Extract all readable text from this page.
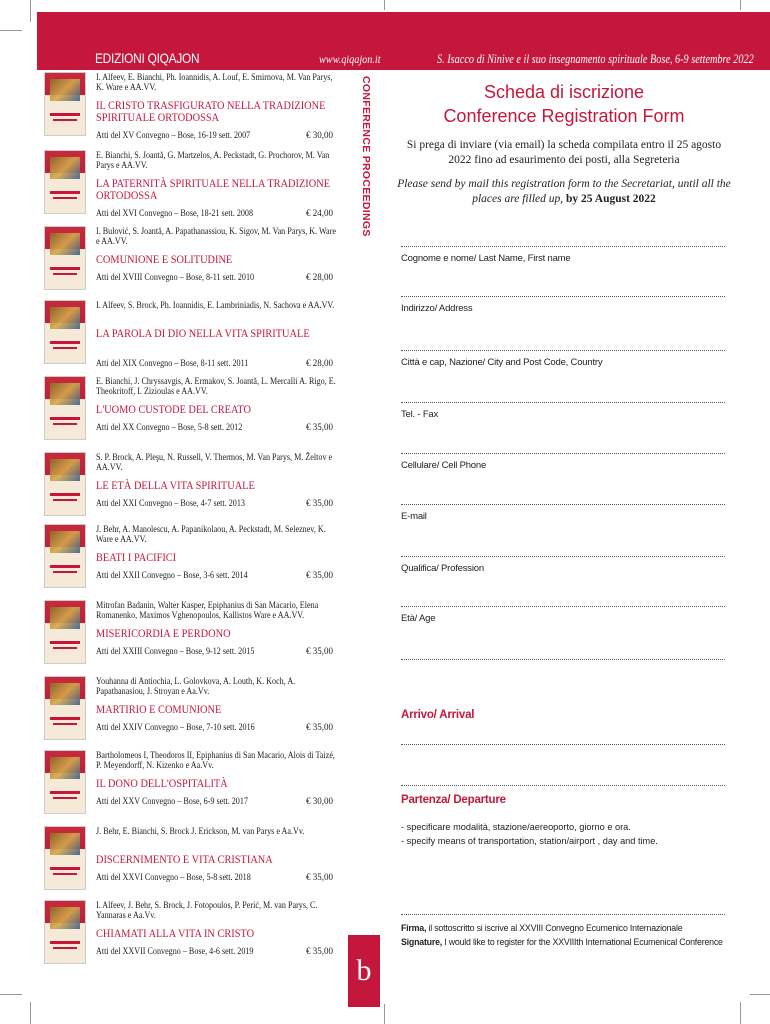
EDIZIONI QIQAJON	www.qiqajon.it	S. Isacco di Ninive e il suo insegnamento spirituale Bose, 6-9 settembre 2022
CONFERENCE PROCEEDINGS
I. Alfeev, E. Bianchi, Ph. Ioannidis, A. Louf, E. Smirnova, M. Van Parys, K. Ware e AA.VV.
IL CRISTO TRASFIGURATO NELLA TRADIZIONE SPIRITUALE ORTODOSSA
Atti del XV Convegno – Bose, 16-19 sett. 2007	€ 30,00
E. Bianchi, S. Joantă, G. Martzelos, A. Peckstadt, G. Prochorov, M. Van Parys e AA.VV.
LA PATERNITÀ SPIRITUALE NELLA TRADIZIONE ORTODOSSA
Atti del XVI Convegno – Bose, 18-21 sett. 2008	€ 24,00
I. Bulović, S. Joantă, A. Papathanassiou, K. Sigov, M. Van Parys, K. Ware e AA.VV.
COMUNIONE E SOLITUDINE
Atti del XVIII Convegno – Bose, 8-11 sett. 2010	€ 28,00
I. Alfeev, S. Brock, Ph. Ioannidis, E. Lambriniadis, N. Sachova e AA.VV.
LA PAROLA DI DIO NELLA VITA SPIRITUALE
Atti del XIX Convegno – Bose, 8-11 sett. 2011	€ 28,00
E. Bianchi, J. Chryssavgis, A. Ermakov, S. Joantă, L. Mercalli A. Rigo, E. Theokritoff, I. Zizioulas e AA.VV.
L'UOMO CUSTODE DEL CREATO
Atti del XX Convegno – Bose, 5-8 sett. 2012	€ 35,00
S. P. Brock, A. Pleşu, N. Russell, V. Thermos, M. Van Parys, M. Želtov e AA.VV.
LE ETÀ DELLA VITA SPIRITUALE
Atti del XXI Convegno – Bose, 4-7 sett. 2013	€ 35,00
J. Behr, A. Manolescu, A. Papanikolaou, A. Peckstadt, M. Seleznev, K. Ware e AA.VV.
BEATI I PACIFICI
Atti del XXII Convegno – Bose, 3-6 sett. 2014	€ 35,00
Mitrofan Badanin, Walter Kasper, Epiphanius di San Macario, Elena Romanenko, Maximos Vghenopoulos, Kallistos Ware e AA.VV.
MISERICORDIA E PERDONO
Atti del XXIII Convegno – Bose, 9-12 sett. 2015	€ 35,00
Youhanna di Antiochia, L. Golovkova, A. Louth, K. Koch, A. Papathanasiou, J. Stroyan e Aa.Vv.
MARTIRIO E COMUNIONE
Atti del XXIV Convegno – Bose, 7-10 sett. 2016	€ 35,00
Bartholomeos I, Theodoros II, Epiphanius di San Macario, Alois di Taizé, P. Meyendorff, N. Kizenko e Aa.Vv.
IL DONO DELL'OSPITALITÀ
Atti del XXV Convegno – Bose, 6-9 sett. 2017	€ 30,00
J. Behr, E. Bianchi, S. Brock J. Erickson, M. van Parys e Aa.Vv.
DISCERNIMENTO E VITA CRISTIANA
Atti del XXVI Convegno – Bose, 5-8 sett. 2018	€ 35,00
I. Alfeev, J. Behr, S. Brock, J. Fotopoulos, P. Perić, M. van Parys, C. Yannaras e Aa.Vv.
CHIAMATI ALLA VITA IN CRISTO
Atti del XXVII Convegno – Bose, 4-6 sett. 2019	€ 35,00
Scheda di iscrizione
Conference Registration Form
Si prega di inviare (via email) la scheda compilata entro il 25 agosto 2022 fino ad esaurimento dei posti, alla Segreteria
Please send by mail this registration form to the Secretariat, until all the places are filled up, by 25 August 2022
Cognome e nome/ Last Name, First name
Indirizzo/ Address
Città e cap, Nazione/ City and Post Code, Country
Tel. - Fax
Cellulare/ Cell Phone
E-mail
Qualifica/ Profession
Età/ Age
Arrivo/ Arrival
Partenza/ Departure
- specificare modalità, stazione/aereoporto, giorno e ora.
- specify means of transportation, station/airport , day and time.
Firma, il sottoscritto si iscrive al XXVIII Convegno Ecumenico Internazionale
Signature, I would like to register for the XXVIIIth International Ecumenical Conference
b
